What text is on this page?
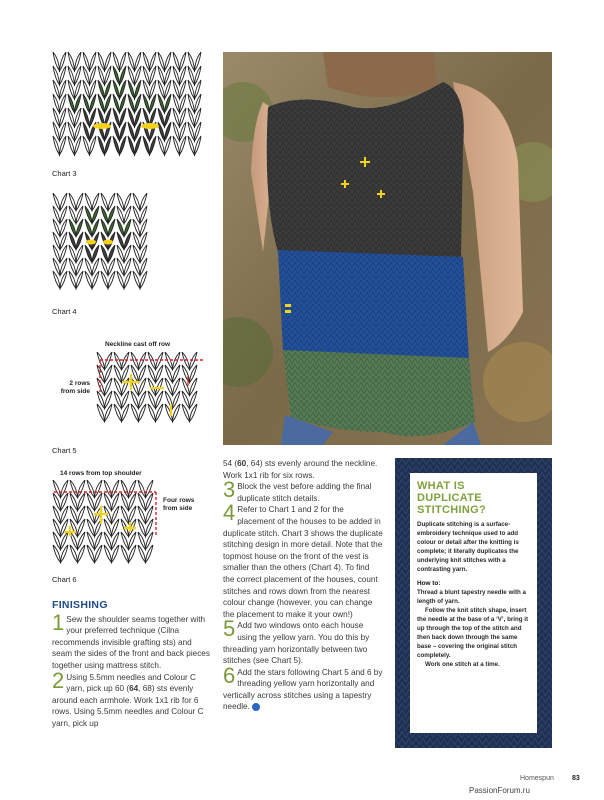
Chart 3
Chart 4
Neckline cast off row
2 rows
from side
Chart 5
14 rows from top shoulder
Four rows
from side
Chart 6
FINISHING

1 Sew the shoulder seams together with your preferred technique (Cilna recommends invisible grafting sts) and seam the sides of the front and back pieces together using mattress stitch.

2 Using 5.5mm needles and Colour C yarn, pick up 60 (64, 68) sts evenly around each armhole. Work 1x1 rib for 6 rows. Using 5.5mm needles and Colour C yarn, pick up

54 (60, 64) sts evenly around the neckline. Work 1x1 rib for six rows.

3 Block the vest before adding the final duplicate stitch details.

4 Refer to Chart 1 and 2 for the placement of the houses to be added in duplicate stitch. Chart 3 shows the duplicate stitching design in more detail. Note that the topmost house on the front of the vest is smaller than the others (Chart 4). To find the correct placement of the houses, count stitches and rows down from the nearest colour change (however, you can change the placement to make it your own!)

5 Add two windows onto each house using the yellow yarn. You do this by threading yarn horizontally between two stitches (see Chart 5).

6 Add the stars following Chart 5 and 6 by threading yellow yarn horizontally and vertically across stitches using a tapestry needle.

WHAT IS DUPLICATE STITCHING?
Duplicate stitching is a surface-embroidery technique used to add colour or detail after the knitting is complete; it literally duplicates the underlying knit stitches with a contrasting yarn.
How to:
Thread a blunt tapestry needle with a length of yarn.
Follow the knit stitch shape, insert the needle at the base of a ‘V’, bring it up through the top of the stitch and then back down through the same base – covering the original stitch completely.
Work one stitch at a time.
Homespun	83
PassionForum.ru
